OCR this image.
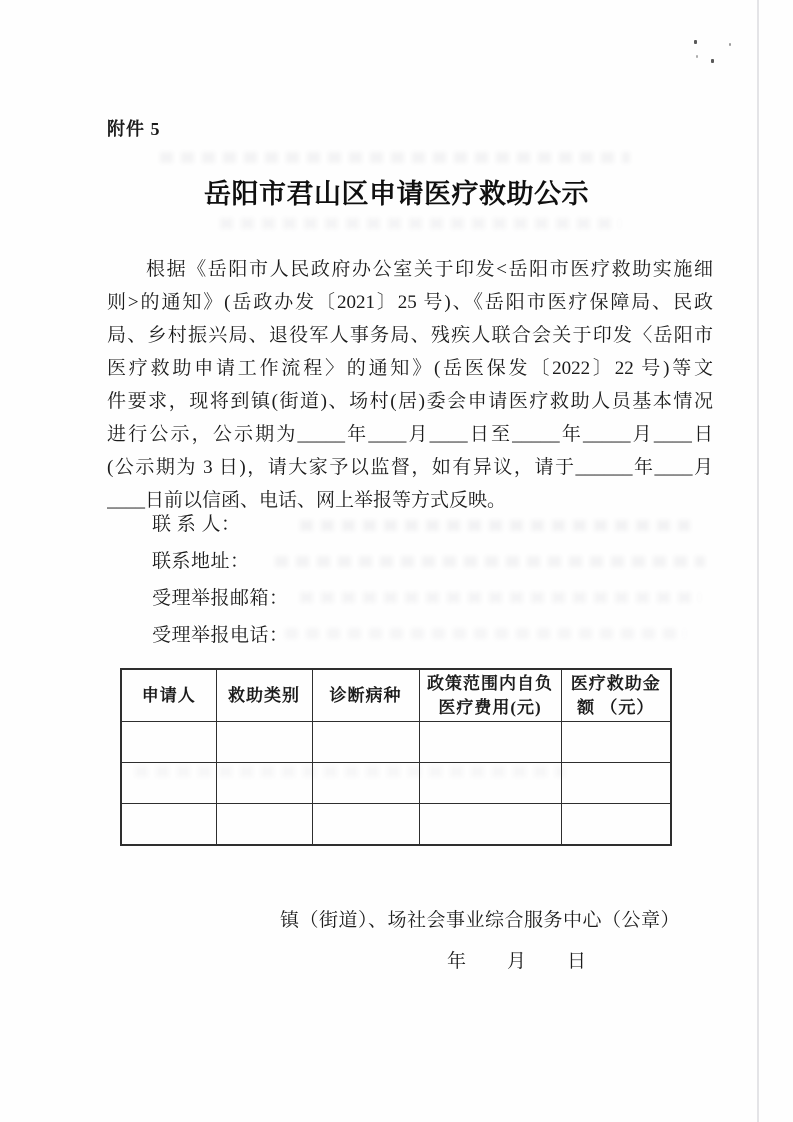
附件 5
岳阳市君山区申请医疗救助公示
根据《岳阳市人民政府办公室关于印发<岳阳市医疗救助实施细
则>的通知》(岳政办发〔2021〕25 号)、《岳阳市医疗保障局、民政
局、乡村振兴局、退役军人事务局、残疾人联合会关于印发〈岳阳市
医疗救助申请工作流程〉的通知》(岳医保发〔2022〕22 号)等文
件要求，现将到镇(街道)、场村(居)委会申请医疗救助人员基本情况
进行公示，公示期为_____年____月____日至_____年_____月____日
(公示期为 3 日)，请大家予以监督，如有异议，请于______年____月
____日前以信函、电话、网上举报等方式反映。
联 系 人：
联系地址：
受理举报邮箱：
受理举报电话：
申请人	救助类别	诊断病种	政策范围内自负 医疗费用(元)	医疗救助金额 （元）

镇（街道）、场社会事业综合服务中心（公章）
年 月 日
